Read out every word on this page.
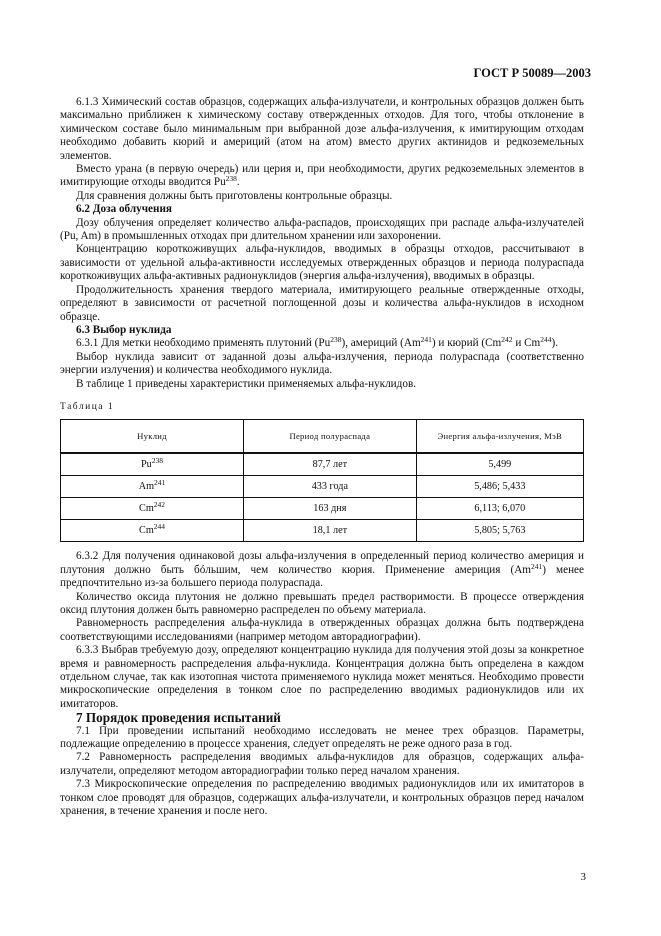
ГОСТ Р 50089—2003

6.1.3 Химический состав образцов, содержащих альфа-излучатели, и контрольных образцов должен быть максимально приближен к химическому составу отвержденных отходов. Для того, чтобы отклонение в химическом составе было минимальным при выбранной дозе альфа-излучения, к имитирующим отходам необходимо добавить кюрий и америций (атом на атом) вместо других актинидов и редкоземельных элементов.

Вместо урана (в первую очередь) или церия и, при необходимости, других редкоземельных элементов в имитирующие отходы вводится Pu$^{238}$.

Для сравнения должны быть приготовлены контрольные образцы.

6.2 Доза облучения

Дозу облучения определяет количество альфа-распадов, происходящих при распаде альфа-излучателей (Pu, Am) в промышленных отходах при длительном хранении или захоронении.

Концентрацию короткоживущих альфа-нуклидов, вводимых в образцы отходов, рассчитывают в зависимости от удельной альфа-активности исследуемых отвержденных образцов и периода полураспада короткоживущих альфа-активных радионуклидов (энергия альфа-излучения), вводимых в образцы.

Продолжительность хранения твердого материала, имитирующего реальные отвержденные отходы, определяют в зависимости от расчетной поглощенной дозы и количества альфа-нуклидов в исходном образце.

6.3 Выбор нуклида

6.3.1 Для метки необходимо применять плутоний (Pu$^{238}$), америций (Am$^{241}$) и кюрий (Cm$^{242}$ и Cm$^{244}$).

Выбор нуклида зависит от заданной дозы альфа-излучения, периода полураспада (соответственно энергии излучения) и количества необходимого нуклида.

В таблице 1 приведены характеристики применяемых альфа-нуклидов.

Таблица 1
Нуклид	Период полураспада	Энергия альфа-излучения, МэВ
Pu$^{238}$	87,7 лет	5,499
Am$^{241}$	433 года	5,486; 5,433
Cm$^{242}$	163 дня	6,113; 6,070
Cm$^{244}$	18,1 лет	5,805; 5,763

6.3.2 Для получения одинаковой дозы альфа-излучения в определенный период количество америция и плутония должно быть бóльшим, чем количество кюрия. Применение америция (Am$^{241}$) менее предпочтительно из-за большего периода полураспада.

Количество оксида плутония не должно превышать предел растворимости. В процессе отверждения оксид плутония должен быть равномерно распределен по объему материала.

Равномерность распределения альфа-нуклида в отвержденных образцах должна быть подтверждена соответствующими исследованиями (например методом авторадиографии).

6.3.3 Выбрав требуемую дозу, определяют концентрацию нуклида для получения этой дозы за конкретное время и равномерность распределения альфа-нуклида. Концентрация должна быть определена в каждом отдельном случае, так как изотопная чистота применяемого нуклида может меняться. Необходимо провести микроскопические определения в тонком слое по распределению вводимых радионуклидов или их имитаторов.

7 Порядок проведения испытаний

7.1 При проведении испытаний необходимо исследовать не менее трех образцов. Параметры, подлежащие определению в процессе хранения, следует определять не реже одного раза в год.

7.2 Равномерность распределения вводимых альфа-нуклидов для образцов, содержащих альфа-излучатели, определяют методом авторадиографии только перед началом хранения.

7.3 Микроскопические определения по распределению вводимых радионуклидов или их имитаторов в тонком слое проводят для образцов, содержащих альфа-излучатели, и контрольных образцов перед началом хранения, в течение хранения и после него.

3
